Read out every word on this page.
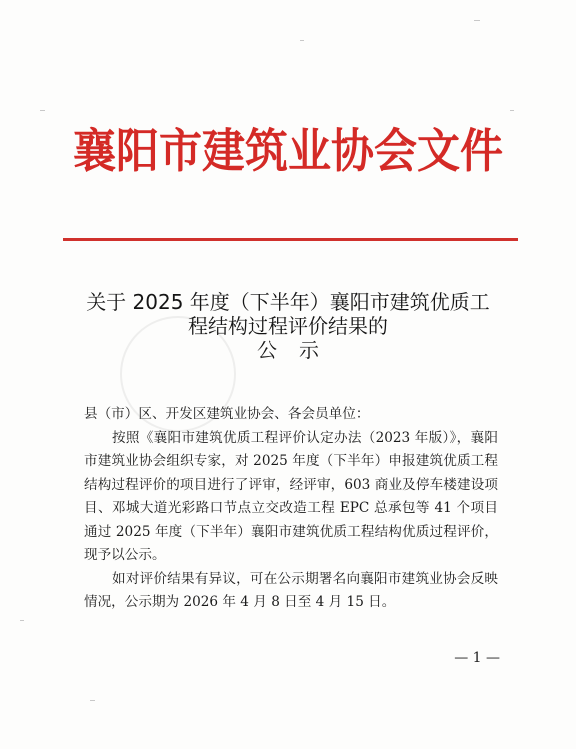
襄阳市建筑业协会文件
关于 2025 年度（下半年）襄阳市建筑优质工
程结构过程评价结果的
公示

县（市）区、开发区建筑业协会、各会员单位：

按照《襄阳市建筑优质工程评价认定办法（2023 年版）》，襄阳市建筑业协会组织专家，对 2025 年度（下半年）申报建筑优质工程结构过程评价的项目进行了评审，经评审，603 商业及停车楼建设项目、邓城大道光彩路口节点立交改造工程 EPC 总承包等 41 个项目通过 2025 年度（下半年）襄阳市建筑优质工程结构优质过程评价，现予以公示。

如对评价结果有异议，可在公示期署名向襄阳市建筑业协会反映情况，公示期为 2026 年 4 月 8 日至 4 月 15 日。

— 1 —
